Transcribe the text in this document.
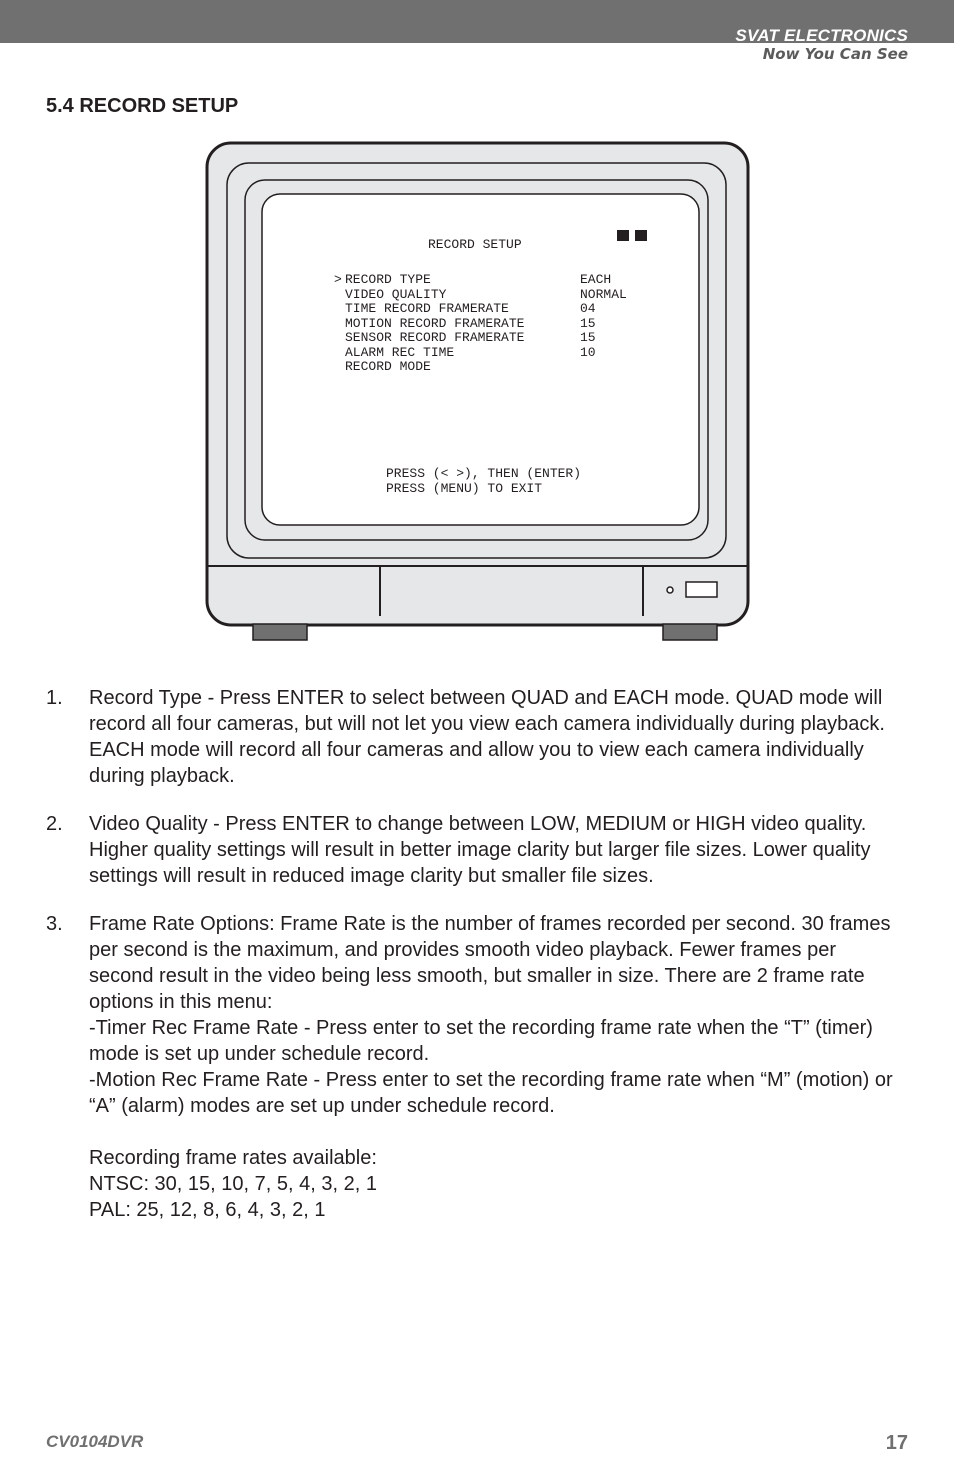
SVAT ELECTRONICS
Now You Can See
5.4 RECORD SETUP
RECORD SETUP
> RECORD TYPE	EACH
VIDEO QUALITY	NORMAL
TIME RECORD FRAMERATE	04
MOTION RECORD FRAMERATE	15
SENSOR RECORD FRAMERATE	15
ALARM REC TIME	10
RECORD MODE
PRESS (< >), THEN (ENTER)
PRESS (MENU) TO EXIT
1. Record Type - Press ENTER to select between QUAD and EACH mode. QUAD mode will record all four cameras, but will not let you view each camera individually during playback. EACH mode will record all four cameras and allow you to view each camera individually during playback.

2. Video Quality - Press ENTER to change between LOW, MEDIUM or HIGH video quality. Higher quality settings will result in better image clarity but larger file sizes. Lower quality settings will result in reduced image clarity but smaller file sizes.

3. Frame Rate Options: Frame Rate is the number of frames recorded per second. 30 frames per second is the maximum, and provides smooth video playback. Fewer frames per second result in the video being less smooth, but smaller in size. There are 2 frame rate options in this menu:

-Timer Rec Frame Rate - Press enter to set the recording frame rate when the “T” (timer) mode is set up under schedule record.

-Motion Rec Frame Rate - Press enter to set the recording frame rate when “M” (motion) or “A” (alarm) modes are set up under schedule record.

Recording frame rates available:

NTSC: 30, 15, 10, 7, 5, 4, 3, 2, 1

PAL: 25, 12, 8, 6, 4, 3, 2, 1

CV0104DVR	17
